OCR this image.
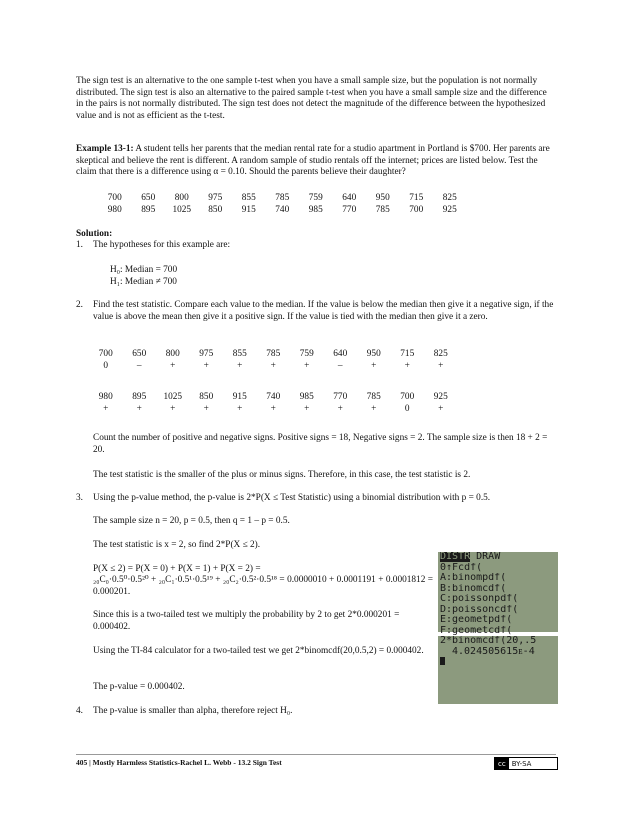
The sign test is an alternative to the one sample t-test when you have a small sample size, but the population is not normally distributed. The sign test is also an alternative to the paired sample t-test when you have a small sample size and the difference in the pairs is not normally distributed. The sign test does not detect the magnitude of the difference between the hypothesized value and is not as efficient as the t-test.

Example 13-1: A student tells her parents that the median rental rate for a studio apartment in Portland is $700. Her parents are skeptical and believe the rent is different. A random sample of studio rentals off the internet; prices are listed below. Test the claim that there is a difference using α = 0.10. Should the parents believe their daughter?

700	650	800	975	855	785	759	640	950	715	825
980	895	1025	850	915	740	985	770	785	700	925

Solution:

1. The hypotheses for this example are:

H₀: Median = 700

H₁: Median ≠ 700

2. Find the test statistic. Compare each value to the median. If the value is below the median then give it a negative sign, if the value is above the mean then give it a positive sign. If the value is tied with the median then give it a zero.

700	650	800	975	855	785	759	640	950	715	825
0	–	+	+	+	+	+	–	+	+	+
980	895	1025	850	915	740	985	770	785	700	925
+	+	+	+	+	+	+	+	+	0	+

Count the number of positive and negative signs. Positive signs = 18, Negative signs = 2. The sample size is then 18 + 2 = 20.

The test statistic is the smaller of the plus or minus signs. Therefore, in this case, the test statistic is 2.

3. Using the p-value method, the p-value is 2*P(X ≤ Test Statistic) using a binomial distribution with p = 0.5.

The sample size n = 20, p = 0.5, then q = 1 – p = 0.5.

The test statistic is x = 2, so find 2*P(X ≤ 2).

P(X ≤ 2) = P(X = 0) + P(X = 1) + P(X = 2) =

₂₀C₀·0.5⁰·0.5²⁰ + ₂₀C₁·0.5¹·0.5¹⁹ + ₂₀C₂·0.5²·0.5¹⁸ = 0.0000010 + 0.0001191 + 0.0001812 = 0.000201.

Since this is a two-tailed test we multiply the probability by 2 to get 2*0.000201 = 0.000402.

Using the TI-84 calculator for a two-tailed test we get 2*binomcdf(20,0.5,2) = 0.000402.

The p-value = 0.000402.

4. The p-value is smaller than alpha, therefore reject H₀.

DISTR DRAW
0↑Fcdf(
A:binompdf(
B:binomcdf(
C:poissonpdf(
D:poissoncdf(
E:geometpdf(
F:geometcdf(
2*binomcdf(20,.5
4.024505615ᴇ-4
405 | Mostly Harmless Statistics-Rachel L. Webb - 13.2 Sign Test	cc BY-SA
